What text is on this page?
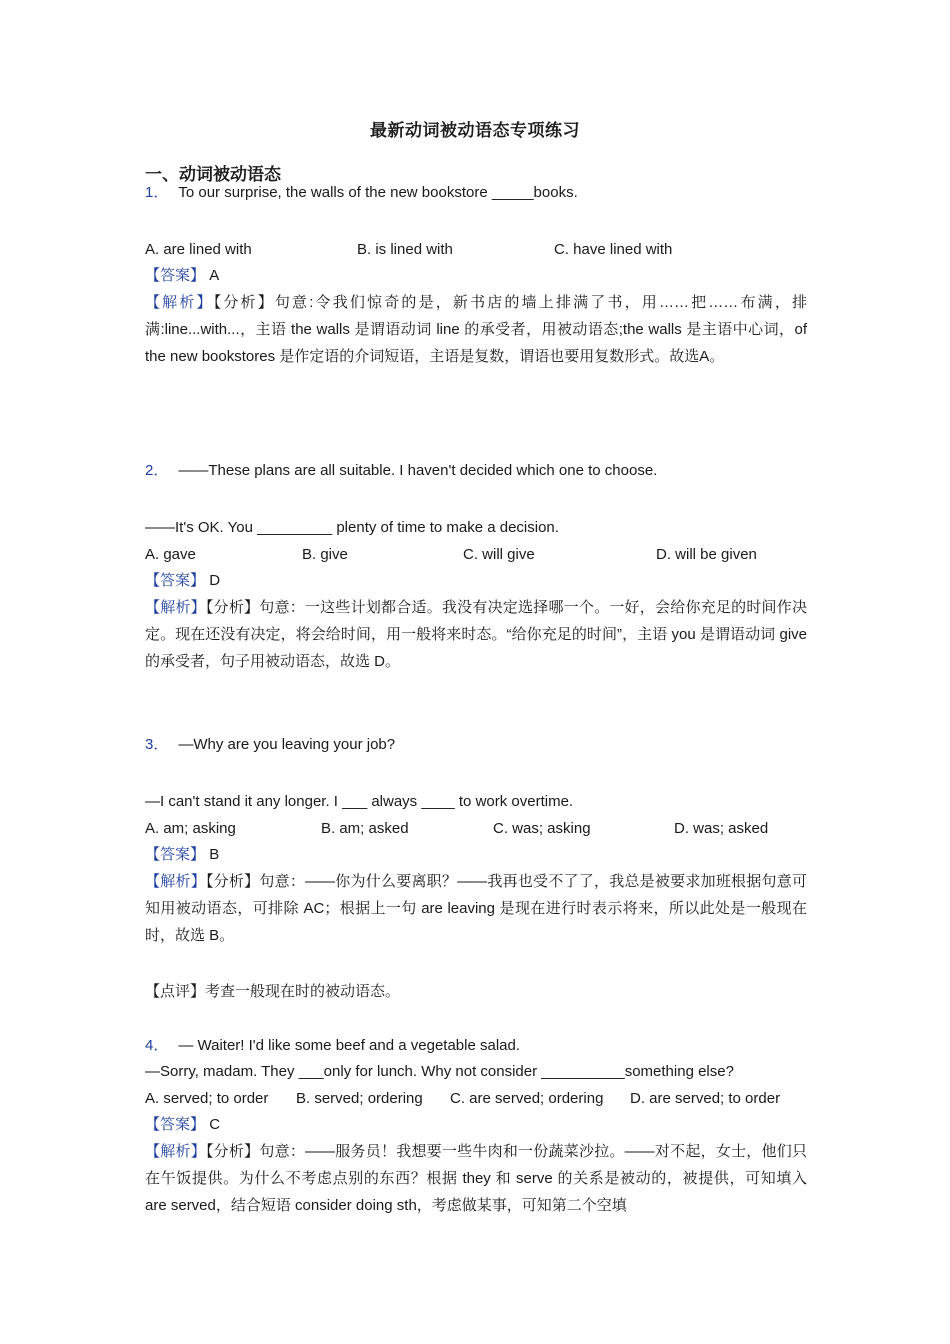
最新动词被动语态专项练习
一、动词被动语态
1． To our surprise, the walls of the new bookstore _____books.
A. are lined with	B. is lined with	C. have lined with
【答案】 A
【解析】【分析】句意:令我们惊奇的是，新书店的墙上排满了书，用……把……布满，排满:line...with...，主语 the walls 是谓语动词 line 的承受者，用被动语态;the walls 是主语中心词，of the new bookstores 是作定语的介词短语，主语是复数，谓语也要用复数形式。故选A。
2． ——These plans are all suitable. I haven't decided which one to choose.
——It's OK. You _________ plenty of time to make a decision.
A. gave	B. give	C. will give	D. will be given
【答案】 D
【解析】【分析】句意：一这些计划都合适。我没有决定选择哪一个。一好，会给你充足的时间作决定。现在还没有决定，将会给时间，用一般将来时态。“给你充足的时间”，主语 you 是谓语动词 give 的承受者，句子用被动语态，故选 D。
3． —Why are you leaving your job?
—I can't stand it any longer. I ___ always ____ to work overtime.
A. am; asking	B. am; asked	C. was; asking	D. was; asked
【答案】 B
【解析】【分析】句意：——你为什么要离职？——我再也受不了了，我总是被要求加班根据句意可知用被动语态，可排除 AC；根据上一句 are leaving 是现在进行时表示将来，所以此处是一般现在时，故选 B。
【点评】考查一般现在时的被动语态。
4． — Waiter! I'd like some beef and a vegetable salad.
—Sorry, madam. They ___only for lunch. Why not consider __________something else?
A. served; to order B. served; ordering C. are served; ordering D. are served; to order
【答案】 C
【解析】【分析】句意：——服务员！我想要一些牛肉和一份蔬菜沙拉。——对不起，女士，他们只在午饭提供。为什么不考虑点别的东西？根据 they 和 serve 的关系是被动的，被提供，可知填入 are served，结合短语 consider doing sth，考虑做某事，可知第二个空填
